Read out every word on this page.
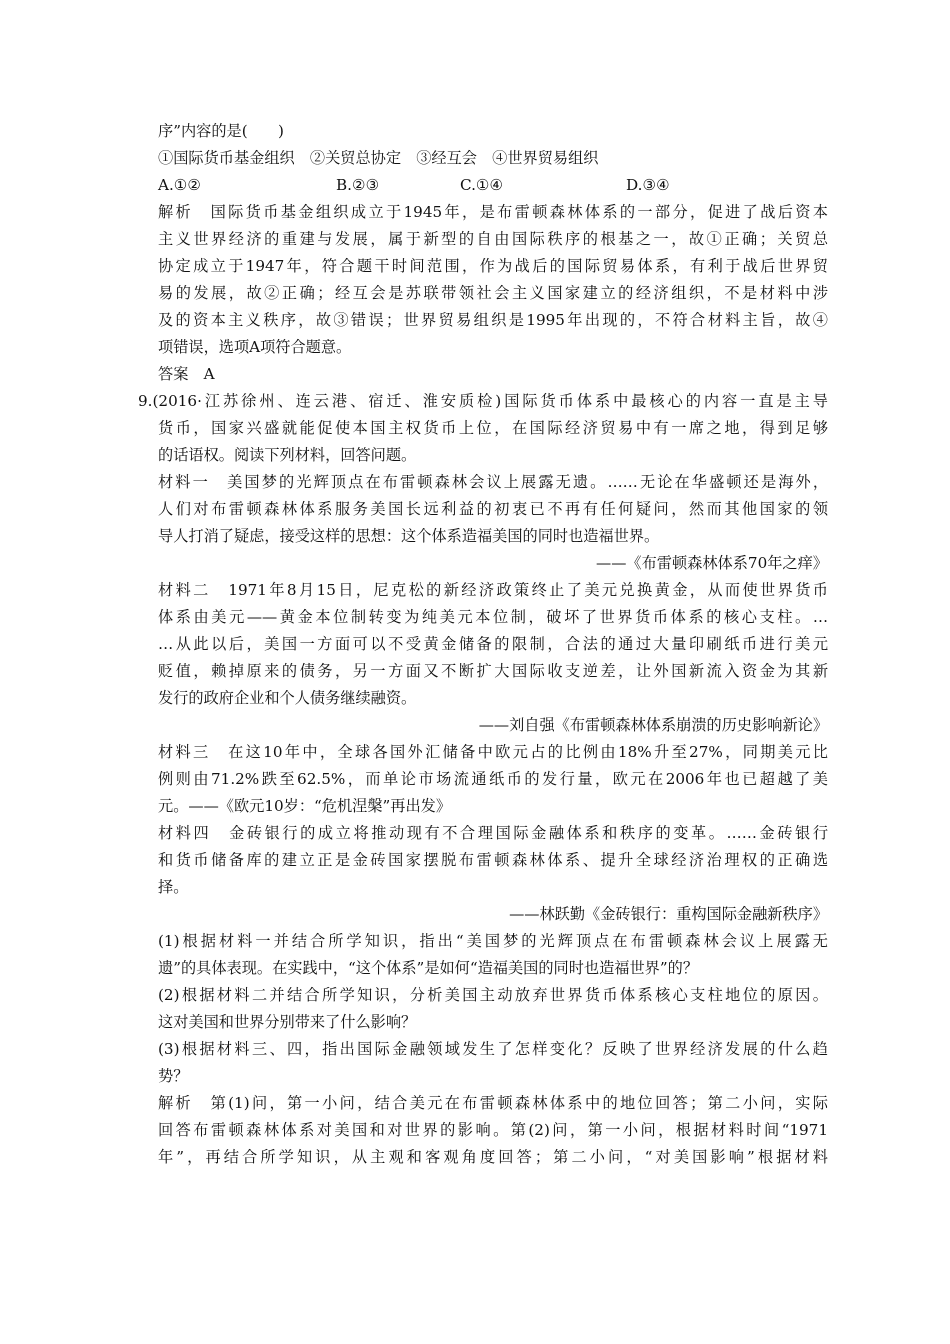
序”内容的是(　　)
①国际货币基金组织　②关贸总协定　③经互会　④世界贸易组织
A.①②	B.②③	C.①④	D.③④
解析　国际货币基金组织成立于1945年，是布雷顿森林体系的一部分，促进了战后资本
主义世界经济的重建与发展，属于新型的自由国际秩序的根基之一，故①正确；关贸总
协定成立于1947年，符合题干时间范围，作为战后的国际贸易体系，有利于战后世界贸
易的发展，故②正确；经互会是苏联带领社会主义国家建立的经济组织，不是材料中涉
及的资本主义秩序，故③错误；世界贸易组织是1995年出现的，不符合材料主旨，故④
项错误，选项A项符合题意。
答案　A
9.(2016·江苏徐州、连云港、宿迁、淮安质检)国际货币体系中最核心的内容一直是主导
货币，国家兴盛就能促使本国主权货币上位，在国际经济贸易中有一席之地，得到足够
的话语权。阅读下列材料，回答问题。
材料一　美国梦的光辉顶点在布雷顿森林会议上展露无遗。……无论在华盛顿还是海外，
人们对布雷顿森林体系服务美国长远利益的初衷已不再有任何疑问，然而其他国家的领
导人打消了疑虑，接受这样的思想：这个体系造福美国的同时也造福世界。
——《布雷顿森林体系70年之痒》
材料二　1971年8月15日，尼克松的新经济政策终止了美元兑换黄金，从而使世界货币
体系由美元——黄金本位制转变为纯美元本位制，破坏了世界货币体系的核心支柱。…
…从此以后，美国一方面可以不受黄金储备的限制，合法的通过大量印刷纸币进行美元
贬值，赖掉原来的债务，另一方面又不断扩大国际收支逆差，让外国新流入资金为其新
发行的政府企业和个人债务继续融资。
——刘自强《布雷顿森林体系崩溃的历史影响新论》
材料三　在这10年中，全球各国外汇储备中欧元占的比例由18%升至27%，同期美元比
例则由71.2%跌至62.5%，而单论市场流通纸币的发行量，欧元在2006年也已超越了美
元。——《欧元10岁：“危机涅槃”再出发》
材料四　金砖银行的成立将推动现有不合理国际金融体系和秩序的变革。……金砖银行
和货币储备库的建立正是金砖国家摆脱布雷顿森林体系、提升全球经济治理权的正确选
择。
——林跃勤《金砖银行：重构国际金融新秩序》
(1)根据材料一并结合所学知识，指出“美国梦的光辉顶点在布雷顿森林会议上展露无
遗”的具体表现。在实践中，“这个体系”是如何“造福美国的同时也造福世界”的？
(2)根据材料二并结合所学知识，分析美国主动放弃世界货币体系核心支柱地位的原因。
这对美国和世界分别带来了什么影响？
(3)根据材料三、四，指出国际金融领域发生了怎样变化？反映了世界经济发展的什么趋
势？
解析　第(1)问，第一小问，结合美元在布雷顿森林体系中的地位回答；第二小问，实际
回答布雷顿森林体系对美国和对世界的影响。第(2)问，第一小问，根据材料时间“1971
年”，再结合所学知识，从主观和客观角度回答；第二小问，“对美国影响”根据材料
